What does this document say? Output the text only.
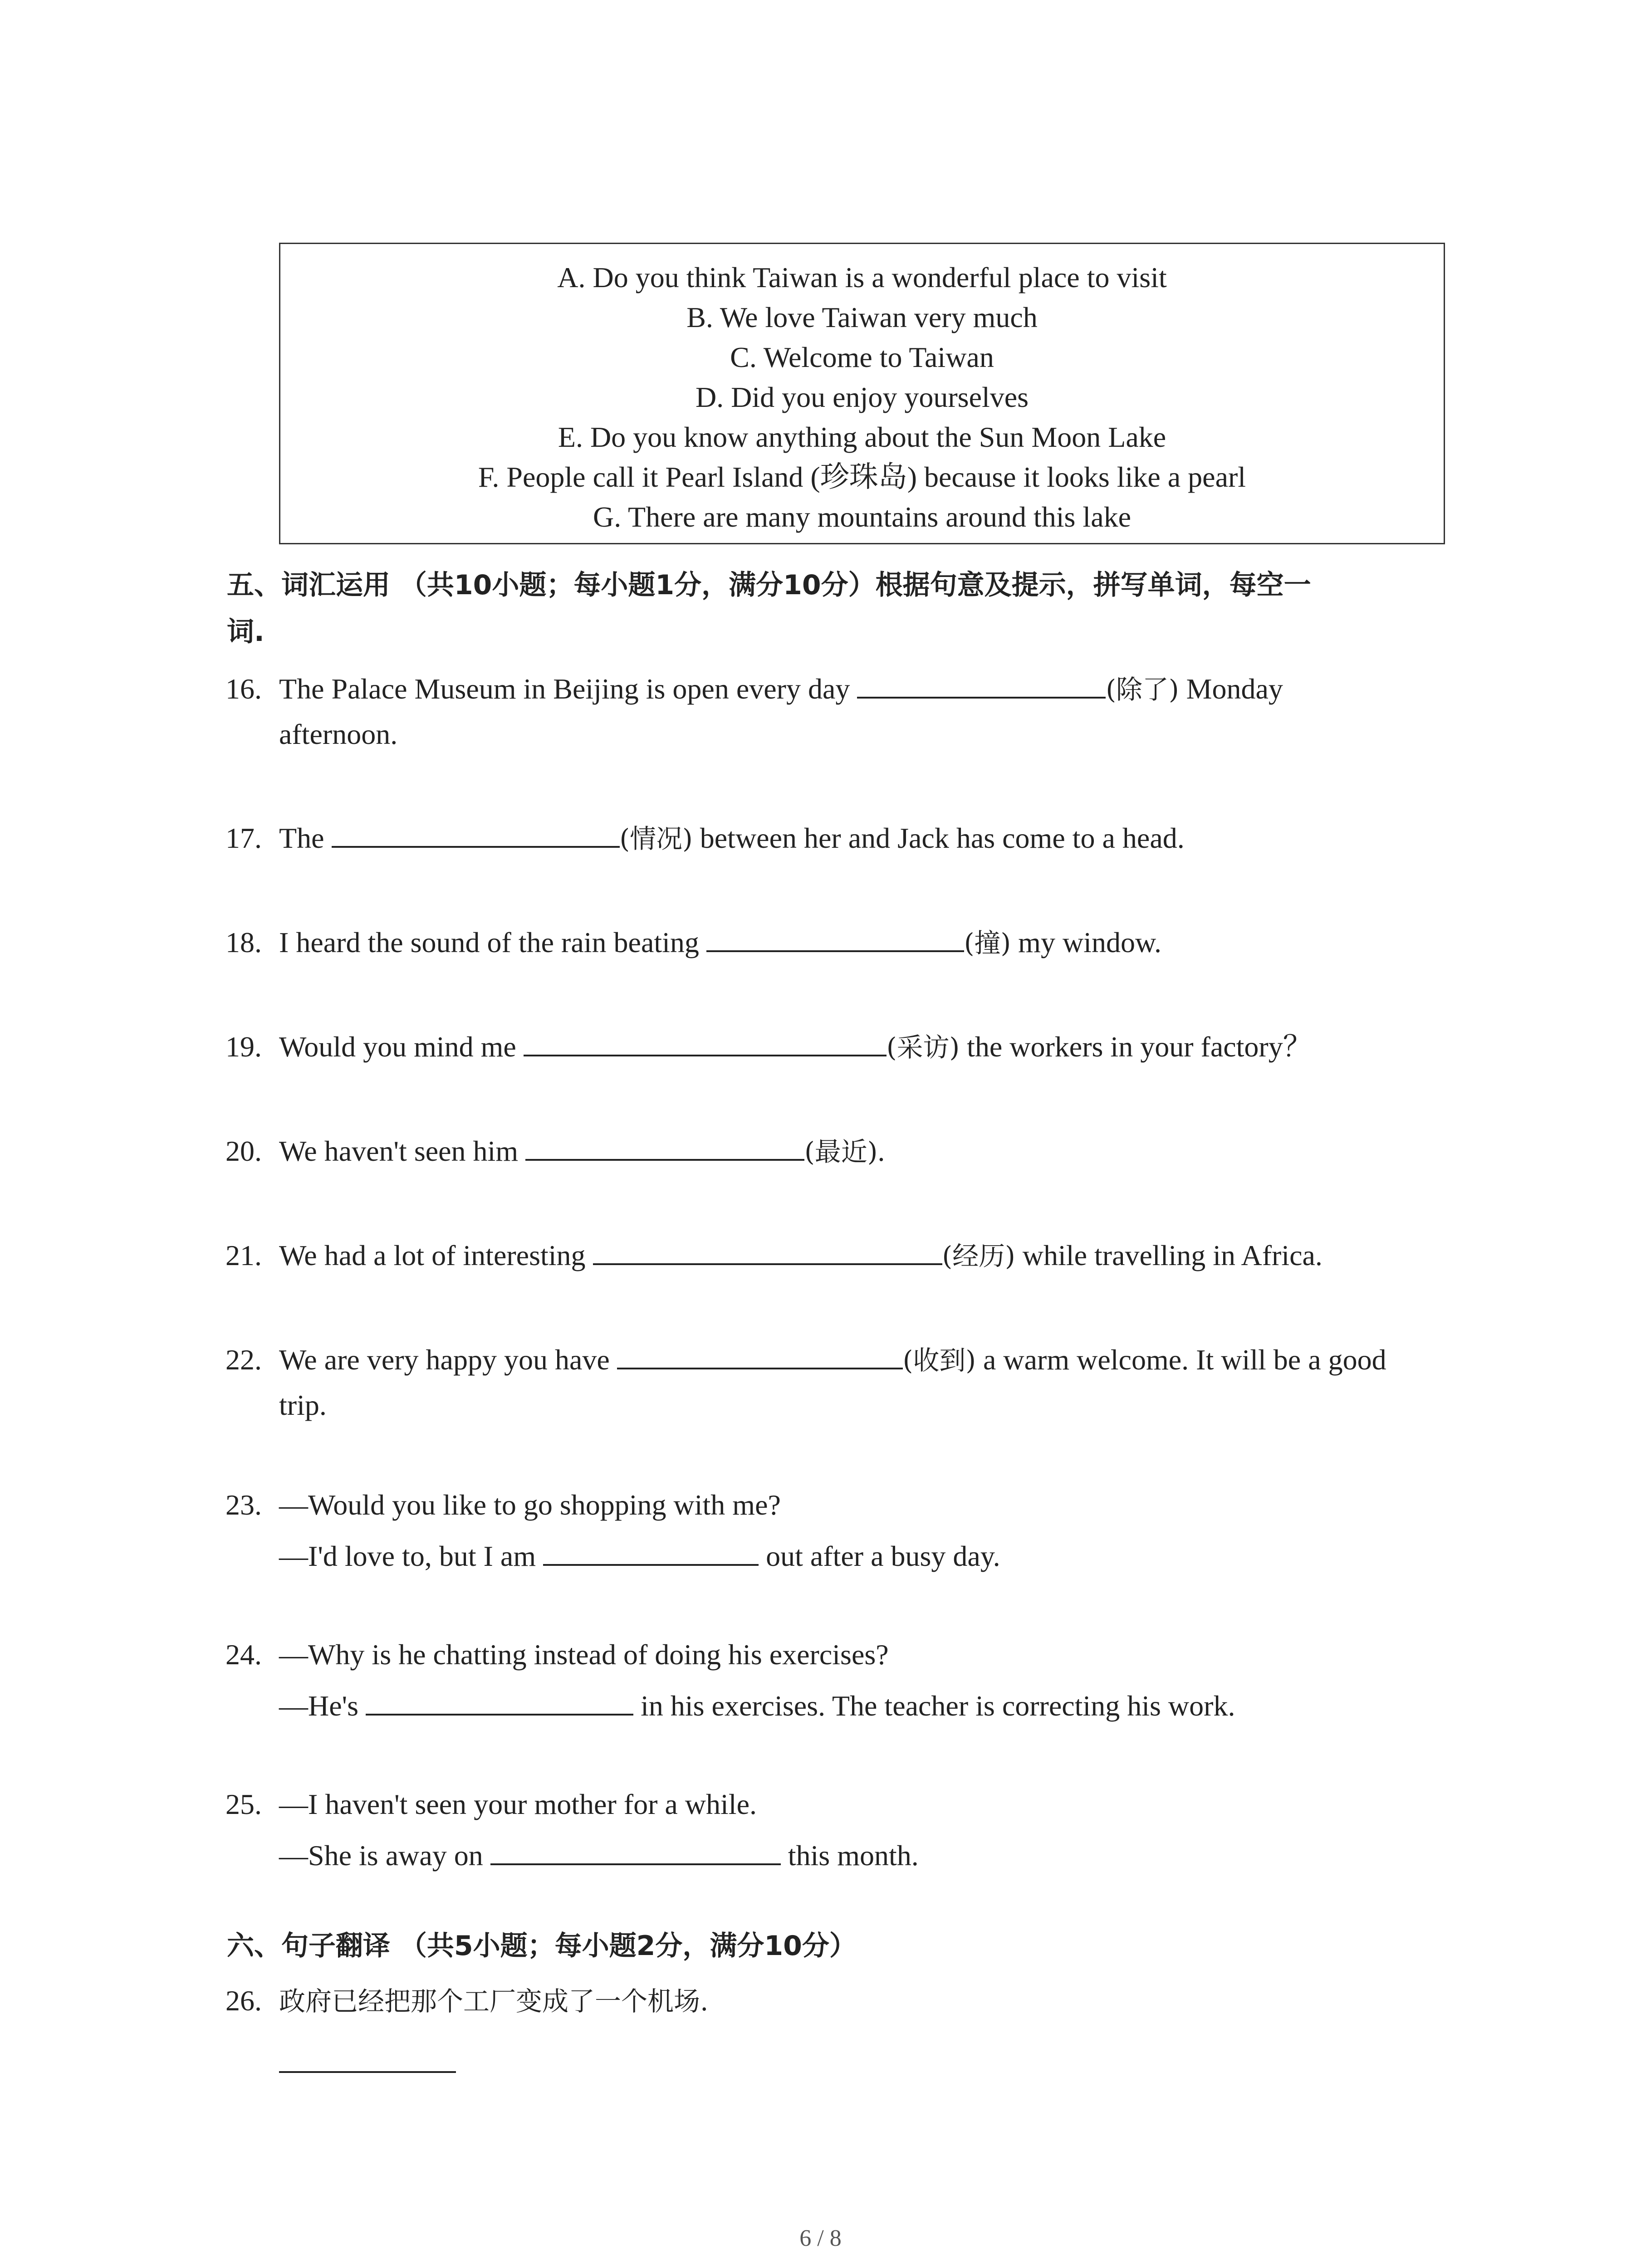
A. Do you think Taiwan is a wonderful place to visit
B. We love Taiwan very much
C. Welcome to Taiwan
D. Did you enjoy yourselves
E. Do you know anything about the Sun Moon Lake
F. People call it Pearl Island (珍珠岛) because it looks like a pearl
G. There are many mountains around this lake
五、词汇运用 （共10小题；每小题1分，满分10分）根据句意及提示，拼写单词，每空一
词.
16. The Palace Museum in Beijing is open every day	(除了) Monday
afternoon.
17. The	(情况) between her and Jack has come to a head.
18. I heard the sound of the rain beating	(撞) my window.
19. Would you mind me	(采访) the workers in your factory？
20. We haven't seen him	(最近).
21. We had a lot of interesting	(经历) while travelling in Africa.
22. We are very happy you have	(收到) a warm welcome. It will be a good
trip.
23. —Would you like to go shopping with me?
—I'd love to, but I am	out after a busy day.
24. —Why is he chatting instead of doing his exercises?
—He's	in his exercises. The teacher is correcting his work.
25. —I haven't seen your mother for a while.
—She is away on	this month.
六、句子翻译 （共5小题；每小题2分，满分10分）
26. 政府已经把那个工厂变成了一个机场.
6 / 8
